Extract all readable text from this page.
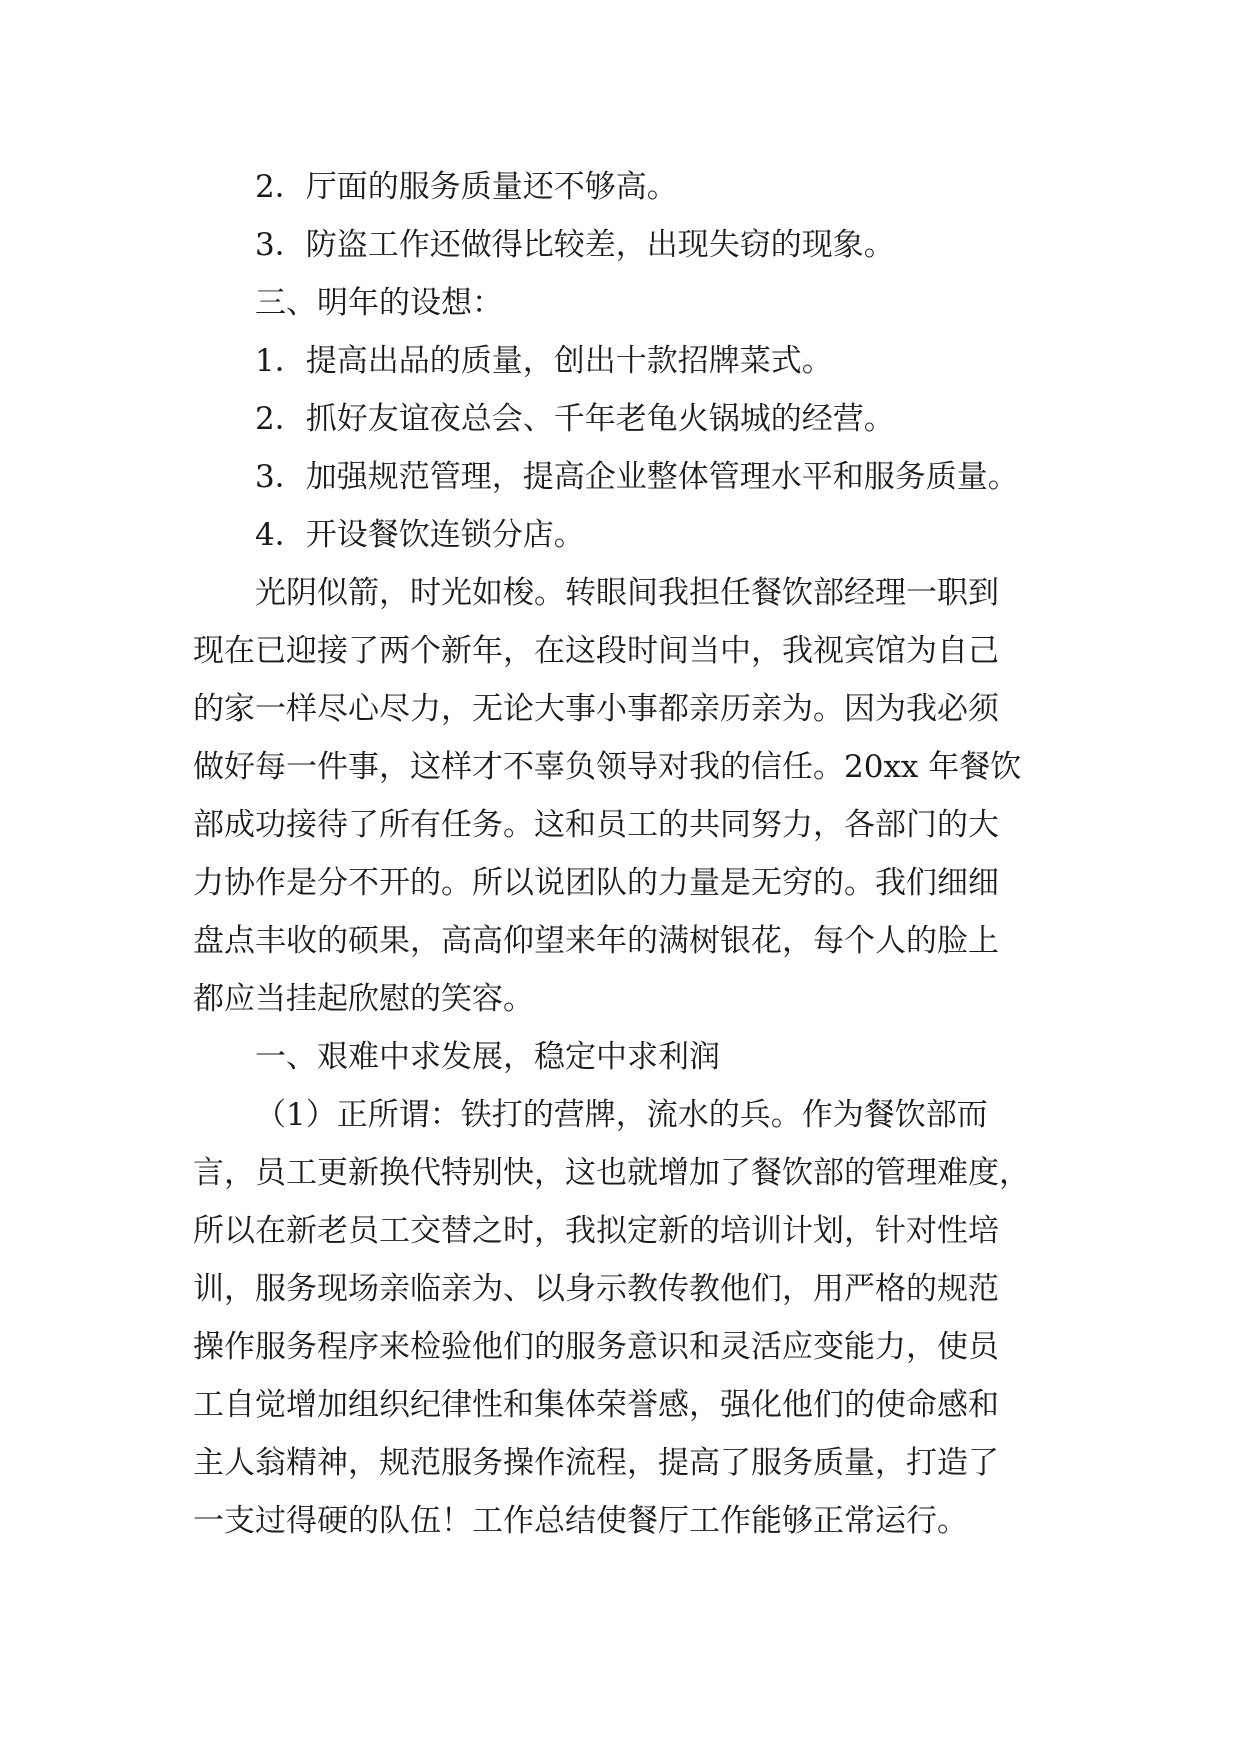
2．厅面的服务质量还不够高。
3．防盗工作还做得比较差，出现失窃的现象。
三、明年的设想：
1．提高出品的质量，创出十款招牌菜式。
2．抓好友谊夜总会、千年老龟火锅城的经营。
3．加强规范管理，提高企业整体管理水平和服务质量。
4．开设餐饮连锁分店。
光阴似箭，时光如梭。转眼间我担任餐饮部经理一职到
现在已迎接了两个新年，在这段时间当中，我视宾馆为自己
的家一样尽心尽力，无论大事小事都亲历亲为。因为我必须
做好每一件事，这样才不辜负领导对我的信任。20xx 年餐饮
部成功接待了所有任务。这和员工的共同努力，各部门的大
力协作是分不开的。所以说团队的力量是无穷的。我们细细
盘点丰收的硕果，高高仰望来年的满树银花，每个人的脸上
都应当挂起欣慰的笑容。
一、艰难中求发展，稳定中求利润
（1）正所谓：铁打的营牌，流水的兵。作为餐饮部而
言，员工更新换代特别快，这也就增加了餐饮部的管理难度，
所以在新老员工交替之时，我拟定新的培训计划，针对性培
训，服务现场亲临亲为、以身示教传教他们，用严格的规范
操作服务程序来检验他们的服务意识和灵活应变能力，使员
工自觉增加组织纪律性和集体荣誉感，强化他们的使命感和
主人翁精神，规范服务操作流程，提高了服务质量，打造了
一支过得硬的队伍！工作总结使餐厅工作能够正常运行。
